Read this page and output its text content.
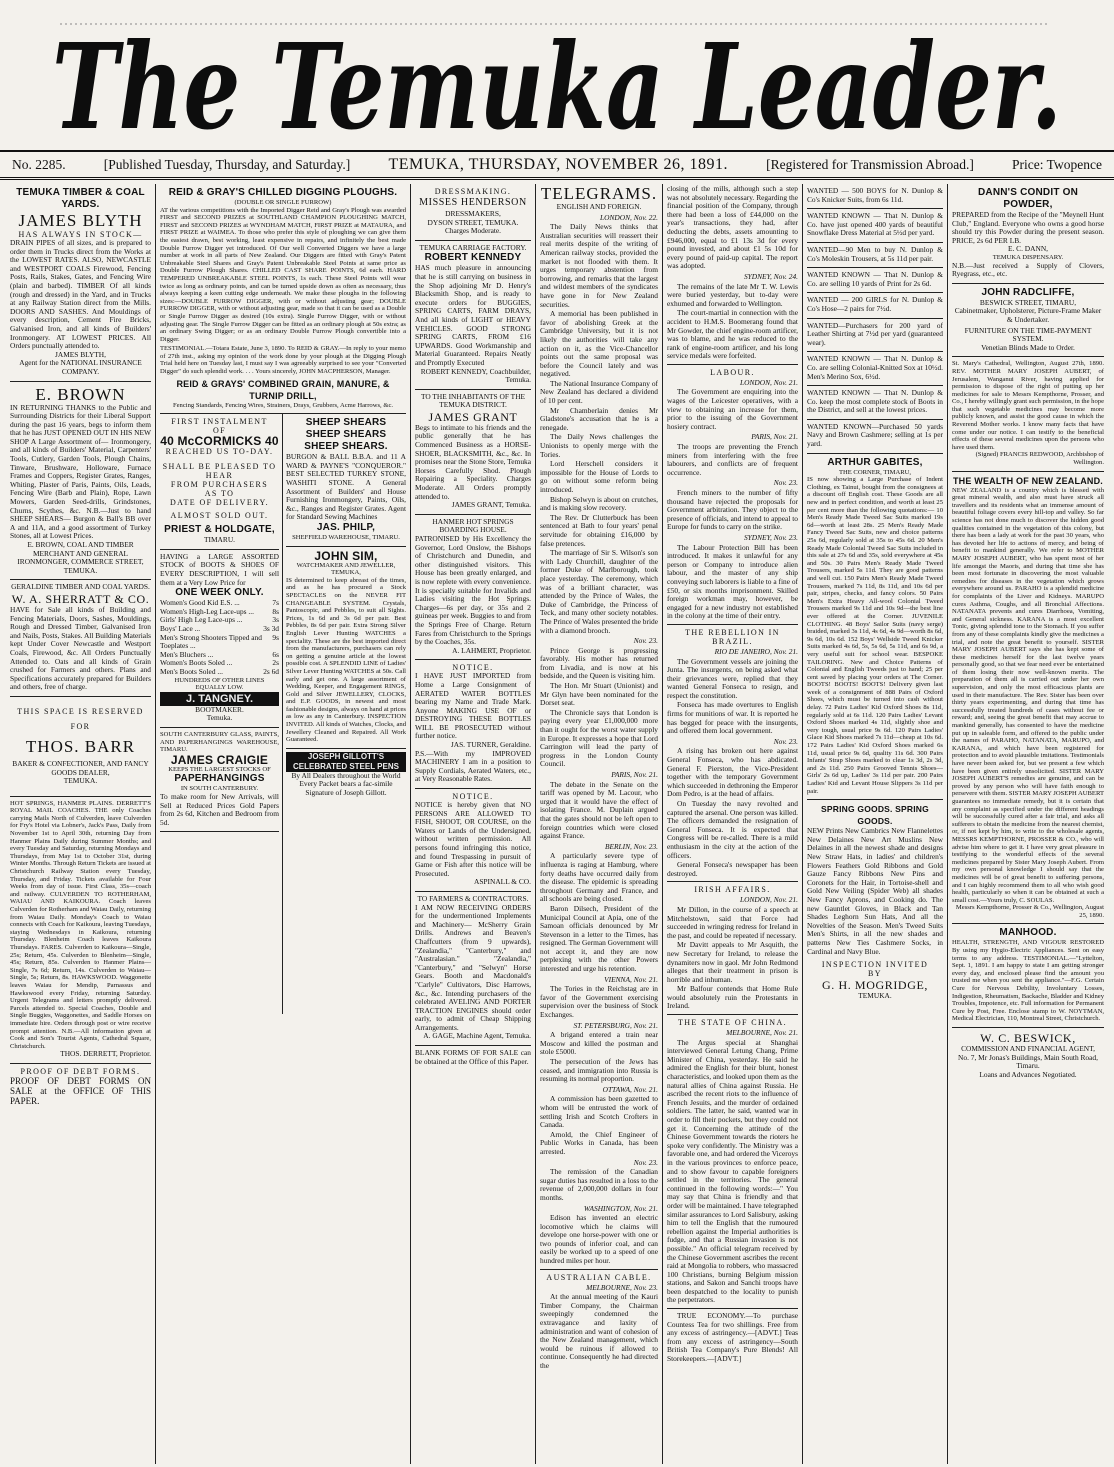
The Temuka Leader.
No. 2285.	[Published Tuesday, Thursday, and Saturday.] TEMUKA, THURSDAY, NOVEMBER 26, 1891.	[Registered for Transmission Abroad.]	Price: Twopence
TEMUKA TIMBER & COAL YARDS.
JAMES BLYTH
HAS ALWAYS IN STOCK—
DRAIN PIPES of all sizes, and is prepared to order them in Trucks direct from the Works at the LOWEST RATES. ALSO, NEWCASTLE and WESTPORT COALS Firewood, Fencing Posts, Rails, Stakes, Gates, and Fencing Wire (plain and barbed). TIMBER Of all kinds (rough and dressed) in the Yard, and in Trucks at any Railway Station direct from the Mills. DOORS AND SASHES. And Mouldings of every description, Cement Fire Bricks, Galvanised Iron, and all kinds of Builders' Ironmongery. AT LOWEST PRICES. All Orders punctually attended to.
JAMES BLYTH,
Agent for the NATIONAL INSURANCE COMPANY.
E. BROWN
IN RETURNING THANKS to the Public and Surrounding Districts for their Liberal Support during the past 16 years, begs to inform them that he has JUST OPENED OUT IN HIS NEW SHOP A Large Assortment of— Ironmongery, and all kinds of Builders' Material, Carpenters' Tools, Cutlery, Garden Tools, Plough Chains, Tinware, Brushware, Holloware, Furnace Frames and Coppers, Register Grates, Ranges, Whiting, Plaster of Paris, Paints, Oils, Leads, Fencing Wire (Barb and Plain), Rope, Lawn Mowers, Garden Seed-drills, Grindstones, Churns, Scythes, &c. N.B.—Just to hand SHEEP SHEARS— Burgon & Ball's BB over A and 11A, and a good assortment of Turkey Stones, all at Lowest Prices.
E. BROWN, COAL AND TIMBER MERCHANT AND GENERAL IRONMONGER, COMMERCE STREET, TEMUKA.
GERALDINE TIMBER AND COAL YARDS.
W. A. SHERRATT & CO.
HAVE for Sale all kinds of Building and Fencing Materials, Doors, Sashes, Mouldings, Rough and Dressed Timber, Galvanised Iron and Nails, Posts, Stakes. All Building Materials kept Under Cover Newcastle and Westport Coals, Firewood, &c. All Orders Punctually Attended to. Oats and all kinds of Grain crushed for Farmers and others. Plans and Specifications accurately prepared for Builders and others, free of charge.
THIS SPACE IS RESERVED
FOR
THOS. BARR
BAKER & CONFECTIONER, AND FANCY GOODS DEALER,
TEMUKA.
HOT SPRINGS, HANMER PLAINS. DERRETT'S ROYAL MAIL COACHES. THE only Coaches carrying Mails North of Culverden, leave Culverden for Fry's Hotel via Lobner's, Jack's Pass, Daily from November 1st to April 30th, returning Day from Hanmer Plains Daily during Summer Months; and every Tuesday and Saturday, returning Mondays and Thursdays, from May 1st to October 31st, during Winter Months. Through Return Tickets are issued at Christchurch Railway Station every Tuesday, Thursday, and Friday. Tickets available for Four Weeks from day of issue. First Class, 35s—coach and railway. CULVERDEN TO ROTHERHAM, WAIAU AND KAIKOURA. Coach leaves Culverden for Rotherham and Waiau Daily, returning from Waiau Daily. Monday's Coach to Waiau connects with Coach for Kaikoura, leaving Tuesdays, staying Wednesdays in Kaikoura, returning Thursday. Blenheim Coach leaves Kaikoura Thursdays. FARES. Culverden to Kaikoura—Single, 25s; Return, 45s. Culverden to Blenheim—Single, 45s; Return, 85s. Culverden to Hanmer Plains—Single, 7s 6d; Return, 14s. Culverden to Waiau—Single, 5s; Return, 8s. HAWKSWOOD. Waggonette leaves Waiau for Mendip, Parnassus and Hawkswood every Friday, returning Saturday. Urgent Telegrams and letters promptly delivered. Parcels attended to. Special Coaches, Double and Single Buggies, Waggonettes, and Saddle Horses on immediate hire. Orders through post or wire receive prompt attention. N.B.—All information given at Cook and Son's Tourist Agents, Cathedral Square, Christchurch.
THOS. DERRETT, Proprietor.
PROOF OF DEBT FORMS.
PROOF OF DEBT FORMS ON SALE at the OFFICE OF THIS PAPER.
REID & GRAY'S CHILLED DIGGING PLOUGHS.
(DOUBLE OR SINGLE FURROW)
AT the various competitions with the Imported Digger Reid and Gray's Plough was awarded FIRST and SECOND PRIZES at SOUTHLAND CHAMPION PLOUGHING MATCH, FIRST and SECOND PRIZES at WYNDHAM MATCH, FIRST PRIZE at MATAURA, and FIRST PRIZE at WAIMEA. To those who prefer this style of ploughing we can give them the easiest drawn, best working, least expensive in repairs, and infinitely the best made Double Furrow Digger yet introduced. Of Our well Converted Diggers we have a large number at work in all parts of New Zealand. Our Diggers are fitted with Gray's Patent Unbreakable Steel Shares and Gray's Patent Unbreakable Steel Points at same price as Double Furrow Plough Shares. CHILLED CAST SHARE POINTS, 6d each. HARD TEMPERED UNBREAKABLE STEEL POINTS, 1s each. These Steel Points will wear twice as long as ordinary points, and can be turned upside down as often as necessary, thus always keeping a keen cutting edge underneath. We make these ploughs in the following sizes:—DOUBLE FURROW DIGGER, with or without adjusting gear; DOUBLE FURROW DIGGER, with or without adjusting gear, made so that it can be used as a Double or Single Furrow Digger as desired (10s extra). Single Furrow Digger, with or without adjusting gear. The Single Furrow Digger can be fitted as an ordinary plough at 50s extra; as an ordinary Swing Digger; or as an ordinary Double Furrow Plough convertible into a Digger.
TESTIMONIAL.—Totara Estate, June 3, 1890. To REID & GRAY.—In reply to your memo of 27th inst., asking my opinion of the work done by your plough at the Digging Plough Trial held here on Tuesday last, I must say I was agreeably surprised to see your "Converted Digger" do such splendid work. . . . Yours sincerely, JOHN MACPHERSON, Manager.
REID & GRAYS' COMBINED GRAIN, MANURE, & TURNIP DRILL,
Fencing Standards, Fencing Wires, Strainers, Drays, Grubbers, Acme Harrows, &c.
FIRST INSTALMENT
OF
40 McCORMICKS 40
REACHED US TO-DAY.
SHALL BE PLEASED TO HEAR
FROM PURCHASERS
AS TO
DATE OF DELIVERY.
ALMOST SOLD OUT.
PRIEST & HOLDGATE,
TIMARU.
HAVING a LARGE ASSORTED STOCK of BOOTS & SHOES OF EVERY DESCRIPTION, I will sell them at a Very Low Price for
ONE WEEK ONLY.
Women's Good Kid E.S. ...	7s
Women's High-Leg Lace-ups ...	8s
Girls' High Leg Lace-ups ...	3s
Boys' Lace ...	3s 3d
Men's Strong Shooters Tipped and Toeplates ...
9s
Men's Bluchers ...	6s
Women's Boots Soled ...	2s
Men's Boots Soled ...	2s 6d
HUNDREDS OF OTHER LINES EQUALLY LOW.
J. TANGNEY.
BOOTMAKER.
Temuka.
SOUTH CANTERBURY GLASS, PAINTS, AND PAPERHANGINGS WAREHOUSE, TIMARU.
JAMES CRAIGIE
KEEPS THE LARGEST STOCKS OF
PAPERHANGINGS
IN SOUTH CANTERBURY.
To make room for New Arrivals, will Sell at Reduced Prices Gold Papers from 2s 6d, Kitchen and Bedroom from 5d.
SHEEP SHEARS
SHEEP SHEARS
SHEEP SHEARS.
BURGON & BALL B.B.A. and 11 A WARD & PAYNE'S "CONQUEROR." BEST SELECTED TURKEY STONE, WASHITI STONE. A General Assortment of Builders' and House Furnishing Ironmongery, Paints, Oils, &c., Ranges and Register Grates. Agent for Standard Sewing Machines
JAS. PHILP,
SHEFFIELD WAREHOUSE, TIMARU.
JOHN SIM,
WATCHMAKER AND JEWELLER, TEMUKA,
IS determined to keep abreast of the times, and as he has procured a Stock SPECTACLES on the NEVER FIT CHANGEABLE SYSTEM. Crystals, Pantoscopic, and Pebbles, to suit all Sights. Prices, 1s 6d and 3s 6d per pair. Best Pebbles, 8s 6d per pair. Extra Strong Silver English Lever Hunting WATCHES a speciality. These are the best imported direct from the manufacturers, purchasers can rely on getting a genuine article at the lowest possible cost. A SPLENDID LINE of Ladies' Silver Lever Hunting WATCHES at 50s. Call early and get one. A large assortment of Wedding, Keeper, and Engagement RINGS, Gold and Silver JEWELLERY, CLOCKS, and E.P. GOODS, in newest and most fashionable designs, always on hand at prices as low as any in Canterbury. INSPECTION INVITED. All kinds of Watches, Clocks, and Jewellery Cleaned and Repaired. All Work Guaranteed.
JOSEPH GILLOTT'S CELEBRATED STEEL PENS
By All Dealers throughout the World Every Packet bears a fac-simile Signature of Joseph Gillott.
DRESSMAKING.
MISSES HENDERSON
DRESSMAKERS,
DYSON STREET, TEMUKA.
Charges Moderate.
TEMUKA CARRIAGE FACTORY.
ROBERT KENNEDY
HAS much pleasure in announcing that he is still carrying on business in the Shop adjoining Mr D. Henry's Blacksmith Shop, and is ready to execute orders for BUGGIES, SPRING CARTS, FARM DRAYS, And all kinds of LIGHT or HEAVY VEHICLES. GOOD STRONG SPRING CARTS, FROM £16 UPWARDS. Good Workmanship and Material Guaranteed. Repairs Neatly and Promptly Executed
ROBERT KENNEDY, Coachbuilder, Temuka.
TO THE INHABITANTS OF THE TEMUKA DISTRICT.
JAMES GRANT
Begs to intimate to his friends and the public generally that he has Commenced Business as a HORSE-SHOER, BLACKSMITH, &c., &c. In promises near the Stone Store, Temuka Horses Carefully Shod. Plough Repairing a Speciality. Charges Moderate. All Orders promptly attended to.
JAMES GRANT, Temuka.
HANMER HOT SPRINGS BOARDING HOUSE.
PATRONISED by His Excellency the Governor, Lord Onslow, the Bishops of Christchurch and Dunedin, and other distinguished visitors. This House has been greatly enlarged, and is now replete with every convenience. It is specially suitable for Invalids and Ladies visiting the Hot Springs. Charges—6s per day, or 35s and 2 guineas per week. Buggies to and from the Springs Free of Charge. Return Fares from Christchurch to the Springs by the Coaches, 35s.
A. LAHMERT, Proprietor.
NOTICE.
I HAVE JUST IMPORTED from Home a Large Consignment of AERATED WATER BOTTLES bearing my Name and Trade Mark. Anyone MAKING USE OF or DESTROYING THESE BOTTLES WILL BE PROSECUTED without further notice.
JAS. TURNER, Geraldine.
P.S.—With my IMPROVED MACHINERY I am in a position to Supply Cordials, Aerated Waters, etc., at Very Reasonable Rates.
NOTICE.
NOTICE is hereby given that NO PERSONS ARE ALLOWED TO FISH, SHOOT, OR COURSE, on the Waters or Lands of the Undersigned, without written permission. All persons found infringing this notice, and found Trespassing in pursuit of Game or Fish after this notice will be Prosecuted.
ASPINALL & CO.
TO FARMERS & CONTRACTORS.
I AM NOW RECEIVING ORDERS for the undermentioned Implements and Machinery— McSherry Grain Drills. Andrews and Beaven's Chaffcutters (from 9 upwards), "Zealandia," "Canterbury," and "Australasian." "Zealandia," "Canterbury," and "Selwyn" Horse Gears. Booth and Macdonald's "Carlyle" Cultivators, Disc Harrows, &c., &c. Intending purchasers of the celebrated AVELING AND PORTER TRACTION ENGINES should order early, to admit of Cheap Shipping Arrangements.
A. GAGE, Machine Agent, Temuka.
BLANK FORMS OF FOR SALE can be obtained at the Office of this Paper.
TELEGRAMS.
ENGLISH AND FOREIGN.
LONDON, Nov. 22.

The Daily News thinks that Australian securities will reassert their real merits despite of the writing of American railway stocks, provided the market is not flooded with them. It urges temporary abstention from borrowing, and remarks that the largest and wildest members of the syndicates have gone in for New Zealand securities.

A memorial has been published in favor of abolishing Greek at the Cambridge University, but it is not likely the authorities will take any action on it, as the Vice-Chancellor points out the same proposal was before the Council lately and was negatived.

The National Insurance Company of New Zealand has declared a dividend of 10 per cent.

Mr Chamberlain denies Mr Gladstone's accusation that he is a renegade.

The Daily News challenges the Unionists to openly merge with the Tories.

Lord Herschell considers it impossible for the House of Lords to go on without some reform being introduced.

Bishop Selwyn is about on crutches, and is making slow recovery.

The Rev. Dr Clutterbuck has been sentenced at Bath to four years' penal servitude for obtaining £16,000 by false pretences.

The marriage of Sir S. Wilson's son with Lady Churchill, daughter of the former Duke of Marlborough, took place yesterday. The ceremony, which was of a brilliant character, was attended by the Prince of Wales, the Duke of Cambridge, the Princess of Teck, and many other society notables. The Prince of Wales presented the bride with a diamond brooch.

Nov. 23.

Prince George is progressing favorably. His mother has returned from Livadia, and is now at his bedside, and the Queen is visiting him.

The Hon. Mr Stuart (Unionist) and Mr Glyn have been nominated for the Dorset seat.

The Chronicle says that London is paying every year £1,000,000 more than it ought for the worst water supply in Europe. It expresses a hope that Lord Carrington will lead the party of progress in the London County Council.

PARIS, Nov. 21.

The debate in the Senate on the tariff was opened by M. Lacour, who urged that it would have the effect of isolating France. M. Duplain argued that the gates should not be left open to foreign countries which were closed against France.

BERLIN, Nov. 23.

A particularly severe type of influenza is raging at Hamburg, where forty deaths have occurred daily from the disease. The epidemic is spreading throughout Germany and France, and all schools are being closed.

Baron Dilsech, President of the Municipal Council at Apia, one of the Samoan officials denounced by Mr Stevenson in a letter to the Times, has resigned. The German Government will not accept it, and they are now perplexing with the other Powers interested and urge his retention.

VIENNA, Nov. 21.

The Tories in the Reichstag are in favor of the Government exercising supervision over the business of Stock Exchanges.

ST. PETERSBURG, Nov. 21.

A brigand entered a train near Moscow and killed the postman and stole £5000.

The persecution of the Jews has ceased, and immigration into Russia is resuming its normal proportion.

OTTAWA, Nov. 21.

A commission has been gazetted to whom will be entrusted the work of settling Irish and Scotch Crofters in Canada.

Arnold, the Chief Engineer of Public Works in Canada, has been arrested.

Nov. 23.

The remission of the Canadian sugar duties has resulted in a loss to the revenue of 2,000,000 dollars in four months.

WASHINGTON, Nov. 21.

Edison has invented an electric locomotive which he claims will develope one horse-power with one or two pounds of inferior coal, and can easily be worked up to a speed of one hundred miles per hour.

AUSTRALIAN CABLE.
MELBOURNE, Nov. 23.

At the annual meeting of the Kauri Timber Company, the Chairman sweepingly condemned the extravagance and laxity of administration and want of cohesion of the New Zealand management, which would be ruinous if allowed to continue. Consequently he had directed the

closing of the mills, although such a step was not absolutely necessary. Regarding the financial position of the Company, through there had been a loss of £44,000 on the year's transactions, they had, after deducting the debts, assets amounting to £946,000, equal to £1 13s 3d for every pound invested, and about £1 5s 10d for every pound of paid-up capital. The report was adopted.

SYDNEY, Nov. 24.

The remains of the late Mr T. W. Lewis were buried yesterday, but to-day were exhumed and forwarded to Wellington.

The court-martial in connection with the accident to H.M.S. Boomerang found that Mr Gowder, the chief engine-room artificer, was to blame, and he was reduced to the rank of engine-room artificer, and his long service medals were forfeited.

LABOUR.
LONDON, Nov. 21.

The Government are enquiring into the wages of the Leicester operatives, with a view to obtaining an increase for them, prior to the issuing of the Government hosiery contract.

PARIS, Nov. 21.

The troops are preventing the French miners from interfering with the free labourers, and conflicts are of frequent occurrence.

Nov. 23.

French miners to the number of fifty thousand have rejected the proposals for Government arbitration. They object to the presence of officials, and intend to appeal to Europe for funds to carry on the strike.

SYDNEY, Nov. 23.

The Labour Protection Bill has been introduced. It makes it unlawful for any person or Company to introduce alien labour, and the master of any ship conveying such laborers is liable to a fine of £50, or six months imprisonment. Skilled foreign workman may, however, be engaged for a new industry not established in the colony at the time of their entry.

THE REBELLION IN BRAZIL.
RIO DE JANEIRO, Nov. 21.

The Government vessels are joining the Junta. The insurgents, on being asked what their grievances were, replied that they wanted General Fonseca to resign, and respect the constitution.

Fonseca has made overtures to English firms for munitions of war. It is reported he has begged for peace with the insurgents, and offered them local government.

Nov. 23.

A rising has broken out here against General Fonseca, who has abdicated. General F. Pierston, the Vice-President together with the temporary Government which succeeded in dethroning the Emperor Dom Pedro, is at the head of affairs.

On Tuesday the navy revolted and captured the arsenal. One person was killed. The officers demanded the resignation of General Fonseca. It is expected that Congress will be re-called. There is a mild enthusiasm in the city at the action of the officers.

General Fonseca's newspaper has been destroyed.

IRISH AFFAIRS.
LONDON, Nov. 21.

Mr Dillon, in the course of a speech at Mitchelstown, said that Force had succeeded in wringing redress for Ireland in the past, and could be repeated if necessary.

Mr Davitt appeals to Mr Asquith, the new Secretary for Ireland, to release the dynamiters now in gaol. Mr John Redmond alleges that their treatment in prison is horrible and inhuman.

Mr Balfour contends that Home Rule would absolutely ruin the Protestants in Ireland.

THE STATE OF CHINA.
MELBOURNE, Nov. 21.

The Argus special at Shanghai interviewed General Letung Chang, Prime Minister of China, yesterday. He said he admired the English for their blunt, honest characteristics, and looked upon them as the natural allies of China against Russia. He ascribed the recent riots to the influence of French Jesuits, and the murder of ordained soldiers. The latter, he said, wanted war in order to fill their pockets, but they could not get it. Concerning the attitude of the Chinese Government towards the rioters he spoke very confidently. The Ministry was a favorable one, and had ordered the Viceroys in the various provinces to enforce peace, and to show favour to capable foreigners settled in the territories. The general continued in the following words:—" You may say that China is friendly and that order will be maintained. I have telegraphed similar assurances to Lord Salisbury, asking him to tell the English that the rumoured rebellion against the Imperial authorities is fudge, and that a Russian invasion is not possible." An official telegram received by the Chinese Government ascribes the recent raid at Mongolia to robbers, who massacred 100 Christians, burning Belgium mission stations, and Sakon and Sanchi troops have been despatched to the locality to punish the perpetrators.

TRUE ECONOMY.—To purchase Countess Tea for two shillings. Free from any excess of astringency.—[ADVT.] Teas from any excess of astringency—South British Tea Company's Pure Blends! All Storekeepers.—[ADVT.]

WANTED — 500 BOYS for N. Dunlop & Co's Knicker Suits, from 6s 11d.
WANTED KNOWN — That N. Dunlop & Co. have just opened 400 yards of beautiful Snowflake Dress Material at 5½d per yard.
WANTED—90 Men to buy N. Dunlop & Co's Moleskin Trousers, at 5s 11d per pair.
WANTED KNOWN — That N. Dunlop & Co. are selling 10 yards of Print for 2s 6d.
WANTED — 200 GIRLS for N. Dunlop & Co's Hose—2 pairs for 7½d.
WANTED—Purchasers for 200 yard of Leather Shirting at 7½d per yard (guaranteed wear).
WANTED KNOWN — That N. Dunlop & Co. are selling Colonial-Knitted Sox at 10½d. Men's Merino Sox, 6½d.
WANTED KNOWN — That N. Dunlop & Co. keep the most complete stock of Boots in the District, and sell at the lowest prices.
WANTED KNOWN—Purchased 50 yards Navy and Brown Cashmere; selling at 1s per yard.
ARTHUR GABITES,
THE CORNER, TIMARU,
IS now showing a Large Purchase of Indent Clothing, ex Tainui, bought from the consignees at a discount off English cost. These Goods are all new and in perfect condition, and worth at least 25 per cent more than the following quotations:— 10 Men's Ready Made Tweed Sac Suits marked 19s 6d—worth at least 28s. 25 Men's Ready Made Fancy Tweed Sac Suits, new and choice patterns 25s 6d, regularly sold at 35s to 45s 6d. 20 Men's Ready Made Colonial Tweed Sac Suits included in this sale at 27s 6d and 35s, sold everywhere at 45s and 50s. 30 Pairs Men's Ready Made Tweed Trousers, marked 5s 11d. They are good patterns and well cut. 150 Pairs Men's Ready Made Tweed Trousers, marked 7s 11d, 8s 11d, and 10s 6d per pair, stripes, checks, and fancy colors. 50 Pairs Men's Extra Heavy All-wool Colonial Tweed Trousers marked 9s 11d and 10s 9d—the best line ever offered at the Corner. JUVENILE CLOTHING. 48 Boys' Sailor Suits (navy serge) braided, marked 3s 11d, 4s 6d, 4s 9d—worth 8s 6d, 9s 6d, 10s 6d. 152 Boys' Wellside Tweed Knicker Suits marked 4s 6d, 5s, 5s 6d, 5s 11d, and 6s 9d, a very useful suit for school wear. BESPOKE TAILORING. New and Choice Patterns of Colonial and English Tweeds just to hand; 25 per cent saved by placing your orders at The Corner. BOOTS! BOOTS! BOOTS! Delivery given last week of a consignment of 888 Pairs of Oxford Shoes, which must be turned into cash without delay. 72 Pairs Ladies' Kid Oxford Shoes 8s 11d, regularly sold at 6s 11d. 120 Pairs Ladies' Levant Oxford Shoes marked 4s 11d, slightly shoe and very tough, usual price 9s 6d. 120 Pairs Ladies' Glace Kid Shoes marked 7s 11d—cheap at 10s 6d. 172 Pairs Ladies' Kid Oxford Shoes marked 6s 11d, usual price 9s 6d, quality 11s 6d. 300 Pairs Infants' Strap Shoes marked to clear 1s 3d, 2s 3d, and 2s 11d. 250 Pairs Grooved Tennis Shoes—Girls' 2s 6d up, Ladies' 3s 11d per pair. 200 Pairs Ladies' Kid and Levant House Slippers 3s 11d per pair.
SPRING GOODS. SPRING GOODS.
NEW Prints New Cambrics New Flannelettes New Delaines New Art Muslins New Delaines in all the newest shade and designs New Straw Hats, in ladies' and children's Flowers Feathers Gold Ribbons and Gold Gauze Fancy Ribbons New Pins and Coronets for the Hair, in Tortoise-shell and Gold New Veiling (Spider Web) all shades New Fancy Aprons, and Cooking do. The new Gauntlet Gloves, in Black and Tan Shades Leghorn Sun Hats, And all the Novelties of the Season. Men's Tweed Suits Men's Shirts, in all the new shades and patterns New Ties Cashmere Socks, in Cardinal and Navy Blue.
INSPECTION INVITED
BY
G. H. MOGRIDGE,
TEMUKA.
DANN'S CONDIT ON POWDER,
PREPARED from the Recipe of the "Meynell Hunt Club," England. Everyone who owns a good horse should try this Powder during the present season. PRICE, 2s 6d PER LB.
E. C. DANN,
TEMUKA DISPENSARY.
N.B.—Just received a Supply of Clovers, Ryegrass, etc., etc.
JOHN RADCLIFFE,
BESWICK STREET, TIMARU,
Cabinetmaker, Upholsterer, Picture-Frame Maker & Undertaker.
FURNITURE ON THE TIME-PAYMENT SYSTEM.
Venetian Blinds Made to Order.
St. Mary's Cathedral, Wellington, August 27th, 1890. REV. MOTHER MARY JOSEPH AUBERT, of Jerusalem, Wanganui River, having applied for permission to dispose of the right of putting up her medicines for sale to Messrs Kempthorne, Prosser, and Co., I hereby willingly grant such permission, in the hope that such vegetable medicines may become more publicly known, and assist the good cause in which the Reverend Mother works. I know many facts that have come under our notice. I can testify to the beneficial effects of these several medicines upon the persons who have used them.
(Signed) FRANCIS REDWOOD, Archbishop of Wellington.
THE WEALTH OF NEW ZEALAND.
NEW ZEALAND is a country which is blessed with great mineral wealth, and also must have struck all travellers and its residents what an immense amount of beautiful foliage covers every hill-top and valley. So far science has not done much to discover the hidden good qualities contained in the vegetation of this colony, but there has been a lady at work for the past 30 years, who has devoted her life to actions of mercy, and being of benefit to mankind generally. We refer to MOTHER MARY JOSEPH AUBERT, who has spent most of her life amongst the Maoris, and during that time she has been most fortunate in discovering the most valuable remedies for diseases in the vegetation which grows everywhere around us. PARAHO is a splendid medicine for complaints of the Liver and Kidneys. MARUPO cures Asthma, Coughs, and all Bronchial Affections. NATANATA prevents and cures Diarrhoea, Vomiting, and General sickness. KARANA is a most excellent Tonic, giving splendid tone to the Stomach. If you suffer from any of these complaints kindly give the medicines a trial, and note the great benefit to yourself. SISTER MARY JOSEPH AUBERT says she has kept some of these medicines herself for the last twelve years personally good, so that we fear need ever be entertained of them losing their now well-known merits. The preparation of them all is carried out under her own supervision, and only the most efficacious plants are used in their manufacture. The Rev. Sister has been over thirty years experimenting, and during that time has successfully treated hundreds of cases without fee or reward; and, seeing the great benefit that may accrue to mankind generally, has consented to have the medicine put up in saleable form, and offered to the public under the names of PARAHO, NATANATA, MARUPO, and KARANA, and which have been registered for protection and to avoid plausible imitations. Testimonials have never been asked for, but we present a few which have been given entirely unsolicited. SISTER MARY JOSEPH AUBERT'S remedies are genuine, and can be proved by any person who will have faith enough to persevere with them. SISTER MARY JOSEPH AUBERT guarantees no immediate remedy, but it is certain that any complaint as specified under the different headings will be successfully cured after a fair trial, and asks all sufferers to obtain the medicine from the nearest chemist, or, if not kept by him, to write to the wholesale agents, MESSRS KEMPTHORNE, PROSSER & CO., who will advise him where to get it. I have very great pleasure in testifying to the wonderful effects of the several medicines prepared by Sister Mary Joseph Aubert. From my own personal knowledge I should say that the medicines will be of great benefit to suffering persons, and I can highly recommend them to all who wish good health, particularly so when it can be obtained at such a small cost.—Yours truly, C. SOULAS.
Messrs Kempthorne, Prosser & Co., Wellington, August 25, 1890.
MANHOOD.
HEALTH, STRENGTH, AND VIGOUR RESTORED By using my Hygio-Electric Appliances. Sent on easy terms to any address. TESTIMONIAL.—"Lyttelton, Sept. 1, 1891. I am happy to state I am getting stronger every day, and enclosed please find the amount you trusted me when you sent the appliance."—F.G. Certain Cure for Nervous Debility, Involuntary Losses, Indigestion, Rheumatism, Backache, Bladder and Kidney Troubles, Impotence, etc. Full information for Permanent Cure by Post, Free. Enclose stamp to W. NOYTMAN, Medical Electrician, 110, Montreal Street, Christchurch.
W. C. BESWICK,
COMMISSION AND FINANCIAL AGENT,
No. 7, Mr Jonas's Buildings, Main South Road, Timaru.
Loans and Advances Negotiated.
